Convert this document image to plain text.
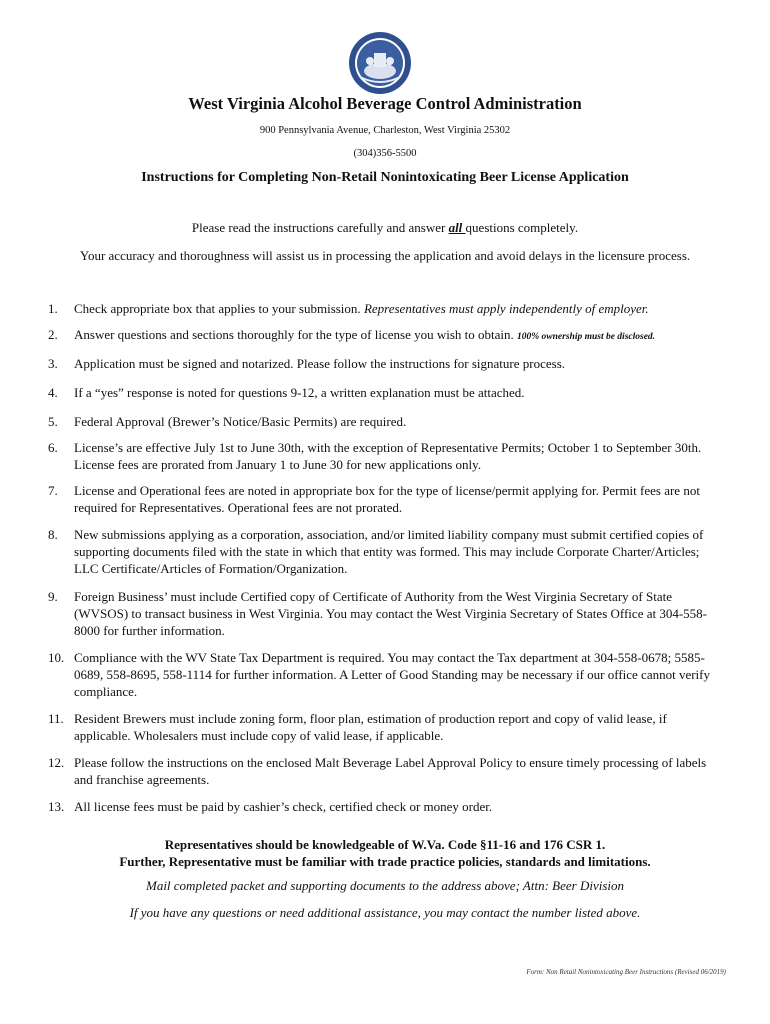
West Virginia Alcohol Beverage Control Administration
900 Pennsylvania Avenue, Charleston, West Virginia 25302
(304)356-5500
Instructions for Completing Non-Retail Nonintoxicating Beer License Application
Please read the instructions carefully and answer all questions completely.
Your accuracy and thoroughness will assist us in processing the application and avoid delays in the licensure process.
1.	Check appropriate box that applies to your submission. Representatives must apply independently of employer.
2.	Answer questions and sections thoroughly for the type of license you wish to obtain. 100% ownership must be disclosed.
3.	Application must be signed and notarized. Please follow the instructions for signature process.
4.	If a “yes” response is noted for questions 9-12, a written explanation must be attached.
5.	Federal Approval (Brewer’s Notice/Basic Permits) are required.
6.	License’s are effective July 1st to June 30th, with the exception of Representative Permits; October 1 to September 30th. License fees are prorated from January 1 to June 30 for new applications only.
7.	License and Operational fees are noted in appropriate box for the type of license/permit applying for. Permit fees are not required for Representatives. Operational fees are not prorated.
8.	New submissions applying as a corporation, association, and/or limited liability company must submit certified copies of supporting documents filed with the state in which that entity was formed. This may include Corporate Charter/Articles; LLC Certificate/Articles of Formation/Organization.
9.	Foreign Business’ must include Certified copy of Certificate of Authority from the West Virginia Secretary of State (WVSOS) to transact business in West Virginia. You may contact the West Virginia Secretary of States Office at 304-558-8000 for further information.
10. Compliance with the WV State Tax Department is required. You may contact the Tax department at 304-558-0678; 5585-0689, 558-8695, 558-1114 for further information. A Letter of Good Standing may be necessary if our office cannot verify compliance.
11. Resident Brewers must include zoning form, floor plan, estimation of production report and copy of valid lease, if applicable. Wholesalers must include copy of valid lease, if applicable.
12. Please follow the instructions on the enclosed Malt Beverage Label Approval Policy to ensure timely processing of labels and franchise agreements.
13. All license fees must be paid by cashier’s check, certified check or money order.
Representatives should be knowledgeable of W.Va. Code §11-16 and 176 CSR 1.
Further, Representative must be familiar with trade practice policies, standards and limitations.
Mail completed packet and supporting documents to the address above; Attn: Beer Division
If you have any questions or need additional assistance, you may contact the number listed above.
Form: Non Retail Nonintoxicating Beer Instructions (Revised 06/2019)
